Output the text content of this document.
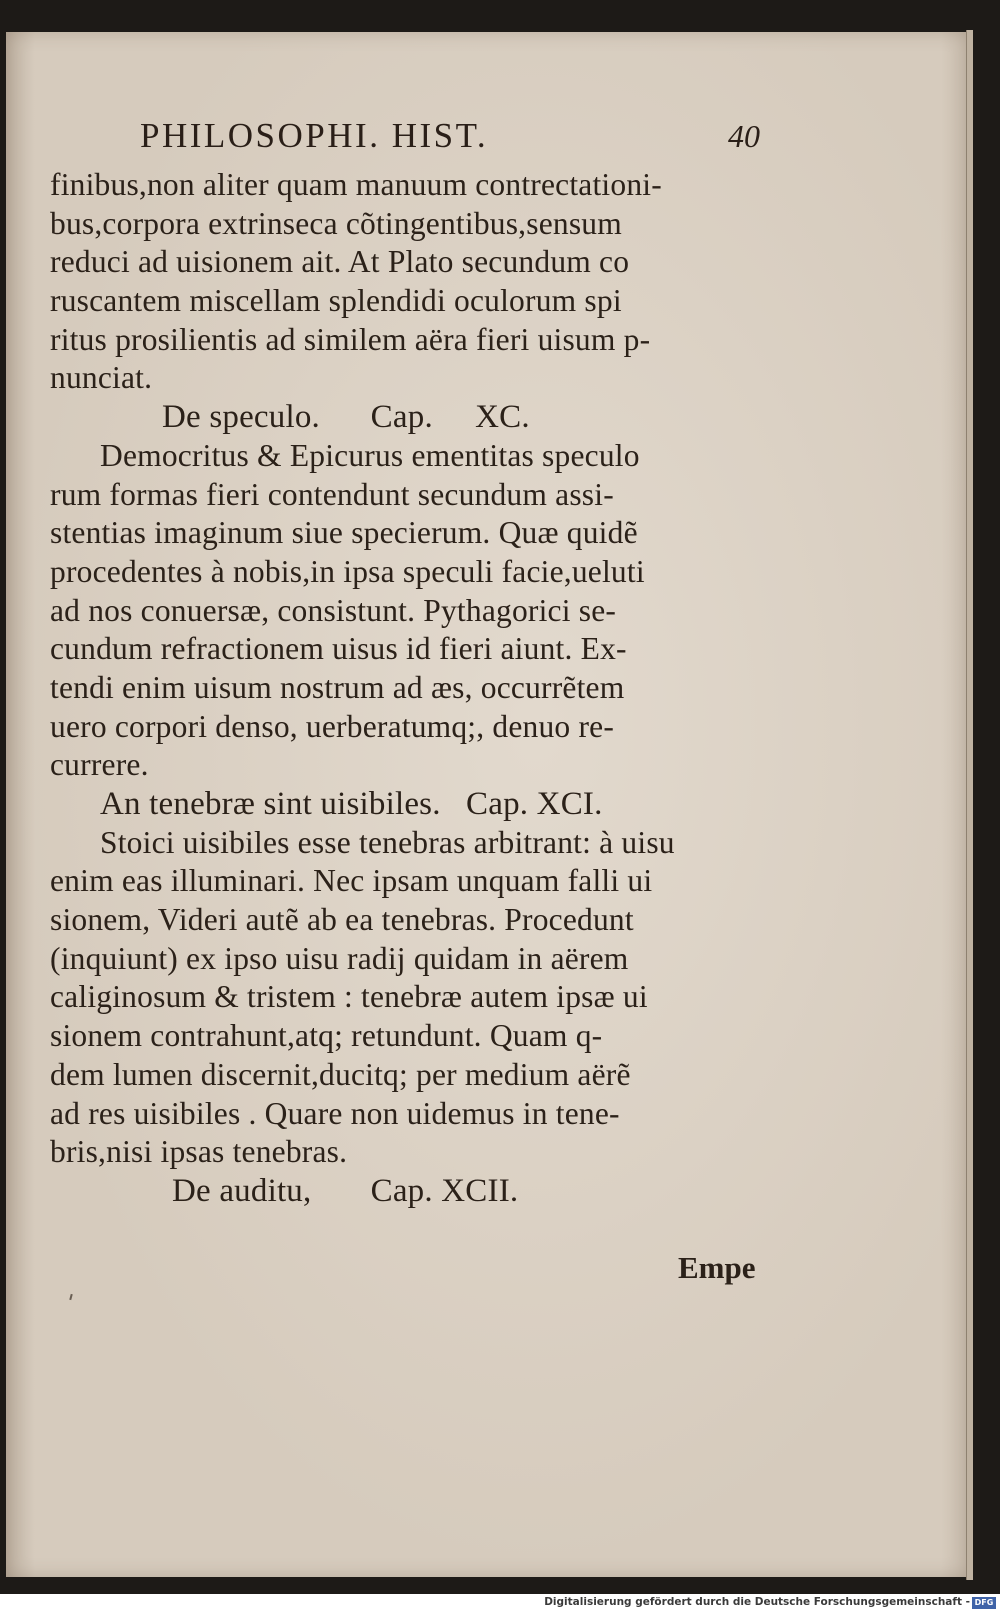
PHILOSOPHI. HIST.	40
finibus,non aliter quam manuum contrectationi-
bus,corpora extrinseca cõtingentibus,sensum
reduci ad uisionem ait. At Plato secundum co
ruscantem miscellam splendidi oculorum spi
ritus prosilientis ad similem aëra fieri uisum p-
nunciat.
De speculo.      Cap.     XC.
Democritus & Epicurus ementitas speculo
rum formas fieri contendunt secundum assi-
stentias imaginum siue specierum. Quæ quidẽ
procedentes à nobis,in ipsa speculi facie,ueluti
ad nos conuersæ, consistunt. Pythagorici se-
cundum refractionem uisus id fieri aiunt. Ex-
tendi enim uisum nostrum ad æs, occurrẽtem
uero corpori denso, uerberatumq;, denuo re-
currere.
An tenebræ sint uisibiles.   Cap. XCI.
Stoici uisibiles esse tenebras arbitrant: à uisu
enim eas illuminari. Nec ipsam unquam falli ui
sionem, Videri autẽ ab ea tenebras. Procedunt
(inquiunt) ex ipso uisu radij quidam in aërem
caliginosum & tristem : tenebræ autem ipsæ ui
sionem contrahunt,atq; retundunt. Quam q-
dem lumen discernit,ducitq; per medium aërẽ
ad res uisibiles . Quare non uidemus in tene-
bris,nisi ipsas tenebras.
De auditu,       Cap. XCII.
Empe
Digitalisierung gefördert durch die Deutsche Forschungsgemeinschaft - DFG
